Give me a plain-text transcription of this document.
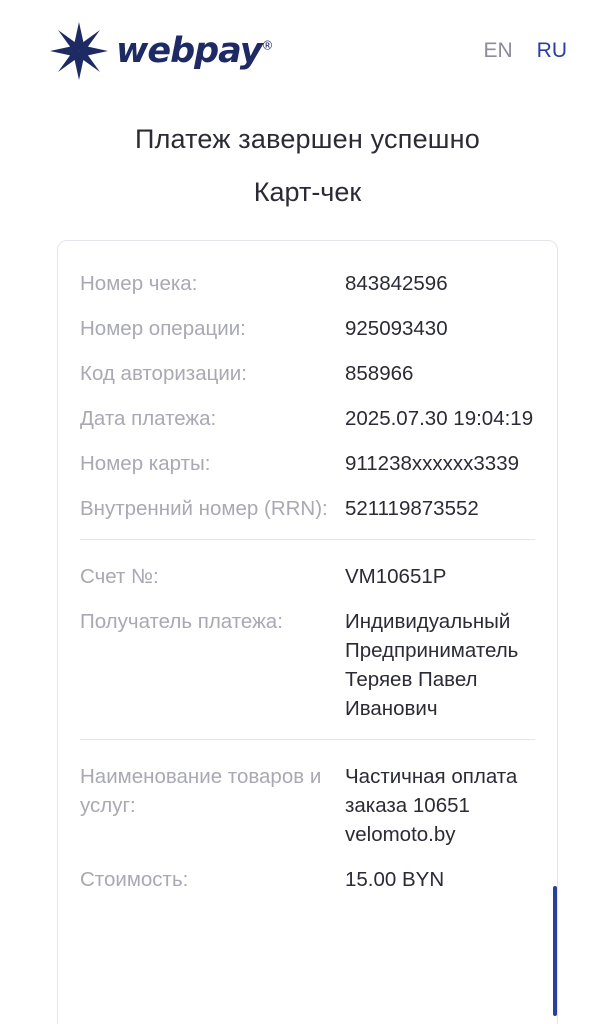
webpay®	EN RU
Платеж завершен успешно
Карт-чек
Номер чека:	843842596
Номер операции:	925093430
Код авторизации:	858966
Дата платежа:	2025.07.30 19:04:19
Номер карты:	911238xxxxxx3339
Внутренний номер (RRN): 521119873552
Счет №:	VM10651P
Получатель платежа:	Индивидуальный Предприниматель Теряев Павел Иванович
Наименование товаров и услуг:
Частичная оплата заказа 10651 velomoto.by
Стоимость:	15.00 BYN
